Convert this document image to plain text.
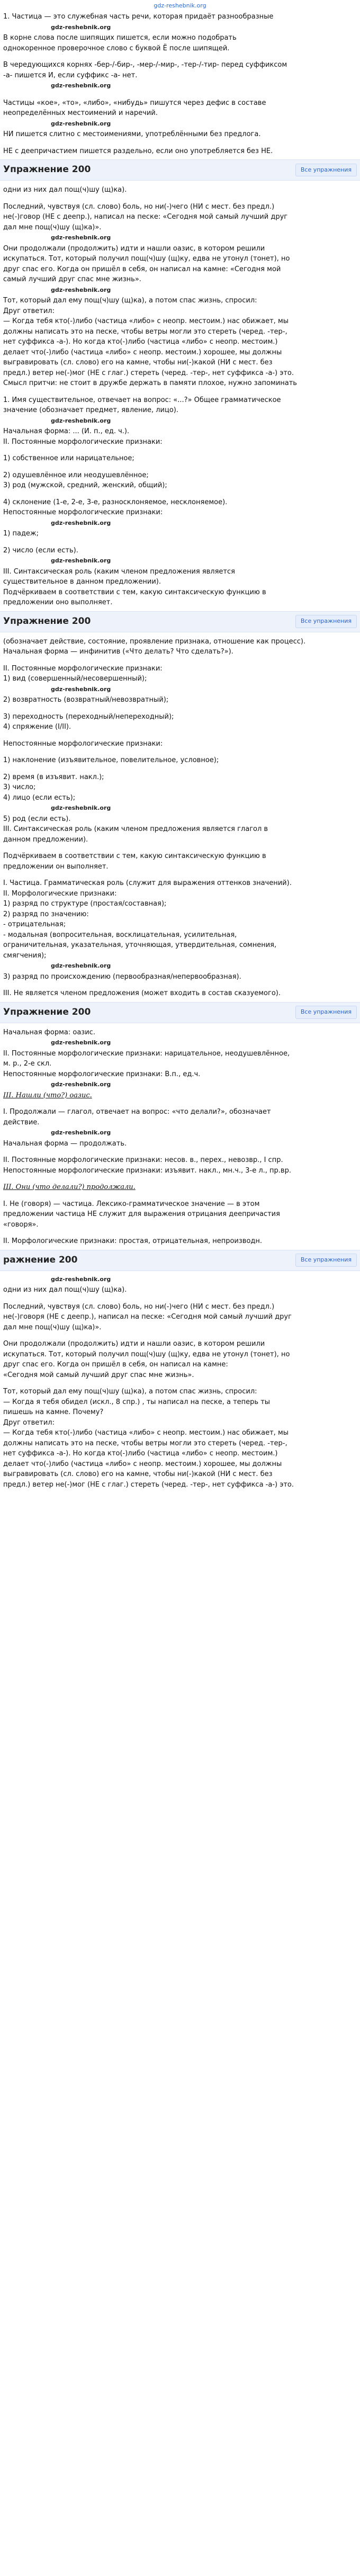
gdz-reshebnik.org

1. Частица — это служебная часть речи, которая придаёт разнообразные

gdz-reshebnik.org

В корне слова после шипящих пишется, если можно подобрать

однокоренное проверочное слово с буквой Ё после шипящей.

В чередующихся корнях -бер-/-бир-, -мер-/-мир-, -тер-/-тир- перед суффиксом

-а- пишется И, если суффикс -а- нет.

gdz-reshebnik.org

Частицы «кое», «то», «либо», «нибудь» пишутся через дефис в составе

неопределённых местоимений и наречий.

gdz-reshebnik.org

НИ пишется слитно с местоимениями, употреблёнными без предлога.

НЕ с деепричастием пишется раздельно, если оно употребляется без НЕ.

Упражнение 200	Все упражнения

одни из них дал пощ(ч)шу (щ)ка).

Последний, чувствуя (сл. слово) боль, но ни(-)чего (НИ с мест. без предл.)

не(-)говор (НЕ с деепр.), написал на песке: «Сегодня мой самый лучший друг

дал мне пощ(ч)шу (щ)ка)».

gdz-reshebnik.org

Они продолжали (продолжить) идти и нашли оазис, в котором решили

искупаться. Тот, который получил пощ(ч)шу (щ)ку, едва не утонул (тонет), но

друг спас его. Когда он пришёл в себя, он написал на камне: «Сегодня мой

самый лучший друг спас мне жизнь».

gdz-reshebnik.org

Тот, который дал ему пощ(ч)шу (щ)ка), а потом спас жизнь, спросил:

Друг ответил:

— Когда тебя кто(-)либо (частица «либо» с неопр. местоим.) нас обижает, мы

должны написать это на песке, чтобы ветры могли это стереть (черед. -тер-,

нет суффикса -а-). Но когда кто(-)либо (частица «либо» с неопр. местоим.)

делает что(-)либо (частица «либо» с неопр. местоим.) хорошее, мы должны

выгравировать (сл. слово) его на камне, чтобы ни(-)какой (НИ с мест. без

предл.) ветер не(-)мог (НЕ с глаг.) стереть (черед. -тер-, нет суффикса -а-) это.

Смысл притчи: не стоит в дружбе держать в памяти плохое, нужно запоминать

1. Имя существительное, отвечает на вопрос: «...?» Общее грамматическое

значение (обозначает предмет, явление, лицо).

gdz-reshebnik.org

Начальная форма: ... (И. п., ед. ч.).

II. Постоянные морфологические признаки:

1) собственное или нарицательное;

2) одушевлённое или неодушевлённое;

3) род (мужской, средний, женский, общий);

4) склонение (1-е, 2-е, 3-е, разносклоняемое, несклоняемое).

Непостоянные морфологические признаки:

gdz-reshebnik.org

1) падеж;

2) число (если есть).

gdz-reshebnik.org

III. Синтаксическая роль (каким членом предложения является

существительное в данном предложении).

Подчёркиваем в соответствии с тем, какую синтаксическую функцию в

предложении оно выполняет.

Упражнение 200	Все упражнения

(обозначает действие, состояние, проявление признака, отношение как процесс).

Начальная форма — инфинитив («Что делать? Что сделать?»).

II. Постоянные морфологические признаки:

1) вид (совершенный/несовершенный);

gdz-reshebnik.org

2) возвратность (возвратный/невозвратный);

3) переходность (переходный/непереходный);

4) спряжение (I/II).

Непостоянные морфологические признаки:

1) наклонение (изъявительное, повелительное, условное);

2) время (в изъявит. накл.);

3) число;

4) лицо (если есть);

gdz-reshebnik.org

5) род (если есть).

III. Синтаксическая роль (каким членом предложения является глагол в

данном предложении).

Подчёркиваем в соответствии с тем, какую синтаксическую функцию в

предложении он выполняет.

I. Частица. Грамматическая роль (служит для выражения оттенков значений).

II. Морфологические признаки:

1) разряд по структуре (простая/составная);

2) разряд по значению:

- отрицательная;

- модальная (вопросительная, восклицательная, усилительная,

ограничительная, указательная, уточняющая, утвердительная, сомнения,

смягчения);

gdz-reshebnik.org

3) разряд по происхождению (первообразная/непервообразная).

III. Не является членом предложения (может входить в состав сказуемого).

Упражнение 200	Все упражнения

Начальная форма: оазис.

gdz-reshebnik.org

II. Постоянные морфологические признаки: нарицательное, неодушевлённое,

м. р., 2-е скл.

Непостоянные морфологические признаки: В.п., ед.ч.

gdz-reshebnik.org

III. Нашли (что?) оазис.

I. Продолжали — глагол, отвечает на вопрос: «что делали?», обозначает

действие.

gdz-reshebnik.org

Начальная форма — продолжать.

II. Постоянные морфологические признаки: несов. в., перех., невозвр., I спр.

Непостоянные морфологические признаки: изъявит. накл., мн.ч., 3-е л., пр.вр.

III. Они (что делали?) продолжали.

I. Не (говоря) — частица. Лексико-грамматическое значение — в этом

предложении частица НЕ служит для выражения отрицания деепричастия

«говоря».

II. Морфологические признаки: простая, отрицательная, непроизводн.

ражнение 200	Все упражнения

gdz-reshebnik.org

одни из них дал пощ(ч)шу (щ)ка).

Последний, чувствуя (сл. слово) боль, но ни(-)чего (НИ с мест. без предл.)

не(-)говоря (НЕ с деепр.), написал на песке: «Сегодня мой самый лучший друг

дал мне пощ(ч)шу (щ)ка)».

Они продолжали (продолжить) идти и нашли оазис, в котором решили

искупаться. Тот, который получил пощ(ч)шу (щ)ку, едва не утонул (тонет), но

друг спас его. Когда он пришёл в себя, он написал на камне:

«Сегодня мой самый лучший друг спас мне жизнь».

Тот, который дал ему пощ(ч)шу (щ)ка), а потом спас жизнь, спросил:

— Когда я тебя обидел (искл., 8 спр.) , ты написал на песке, а теперь ты

пишешь на камне. Почему?

Друг ответил:

— Когда тебя кто(-)либо (частица «либо» с неопр. местоим.) нас обижает, мы

должны написать это на песке, чтобы ветры могли это стереть (черед. -тер-,

нет суффикса -а-). Но когда кто(-)либо (частица «либо» с неопр. местоим.)

делает что(-)либо (частица «либо» с неопр. местоим.) хорошее, мы должны

выгравировать (сл. слово) его на камне, чтобы ни(-)какой (НИ с мест. без

предл.) ветер не(-)мог (НЕ с глаг.) стереть (черед. -тер-, нет суффикса -а-) это.
